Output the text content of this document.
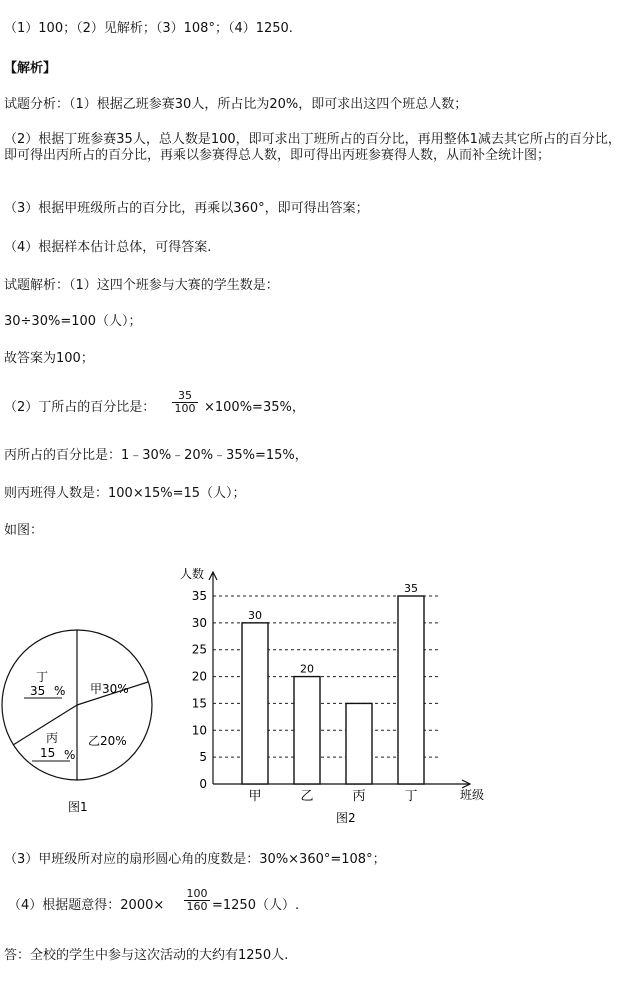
（1）100；（2）见解析；（3）108°；（4）1250.
【解析】
试题分析：（1）根据乙班参赛30人，所占比为20%，即可求出这四个班总人数；
（2）根据丁班参赛35人，总人数是100，即可求出丁班所占的百分比，再用整体1减去其它所占的百分比，即可得出丙所占的百分比，再乘以参赛得总人数，即可得出丙班参赛得人数，从而补全统计图；
（3）根据甲班级所占的百分比，再乘以360°，即可得出答案；
（4）根据样本估计总体，可得答案.
试题解析：（1）这四个班参与大赛的学生数是：
30÷30%=100（人）；
故答案为100；
（2）丁所占的百分比是： $\frac{35}{100} \times 100\%=35\%$，
丙所占的百分比是：1﹣30%﹣20%﹣35%=15%，
则丙班得人数是：100×15%=15（人）；
如图：
甲30%
乙20%
丙
15 %
丁
35 %
图1
0
5
10
15
20
25
30
35
甲
30
乙
20
丙	丁
35
人数
班级
图2
（3）甲班级所对应的扇形圆心角的度数是：30%×360°=108°；
（4）根据题意得：$2000\times \frac{100}{160} =1250$（人）.
答：全校的学生中参与这次活动的大约有1250人.
